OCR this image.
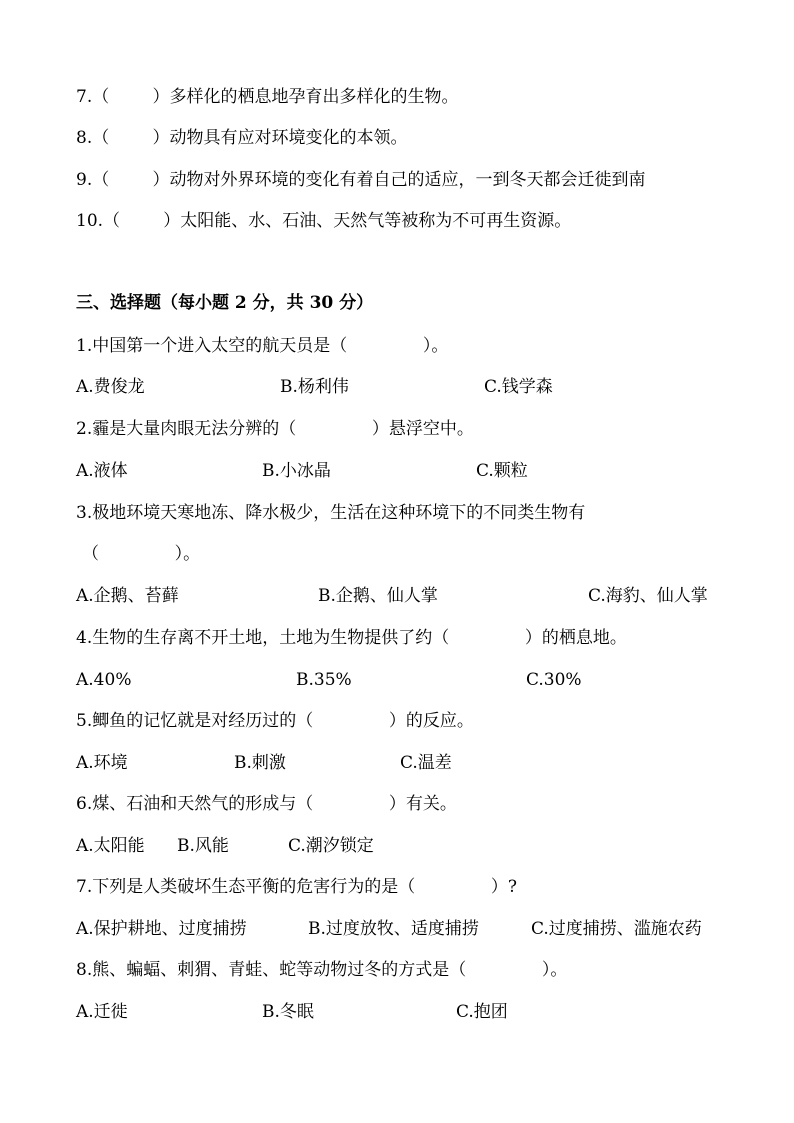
7.（        ）多样化的栖息地孕育出多样化的生物。
8.（        ）动物具有应对环境变化的本领。
9.（        ）动物对外界环境的变化有着自己的适应，一到冬天都会迁徙到南
10.（        ）太阳能、水、石油、天然气等被称为不可再生资源。
三、选择题（每小题 2 分，共 30 分）
1.中国第一个进入太空的航天员是（              ）。
A.费俊龙	B.杨利伟	C.钱学森
2.霾是大量肉眼无法分辨的（              ）悬浮空中。
A.液体	B.小冰晶	C.颗粒
3.极地环境天寒地冻、降水极少，生活在这种环境下的不同类生物有
（              ）。
A.企鹅、苔藓	B.企鹅、仙人掌	C.海豹、仙人掌
4.生物的生存离不开土地，土地为生物提供了约（              ）的栖息地。
A.40%	B.35%	C.30%
5.鲫鱼的记忆就是对经历过的（              ）的反应。
A.环境	B.刺激	C.温差
6.煤、石油和天然气的形成与（              ）有关。
A.太阳能 B.风能	C.潮汐锁定
7.下列是人类破坏生态平衡的危害行为的是（              ）?
A.保护耕地、过度捕捞	B.过度放牧、适度捕捞	C.过度捕捞、滥施农药
8.熊、蝙蝠、刺猬、青蛙、蛇等动物过冬的方式是（              ）。
A.迁徙	B.冬眠	C.抱团
